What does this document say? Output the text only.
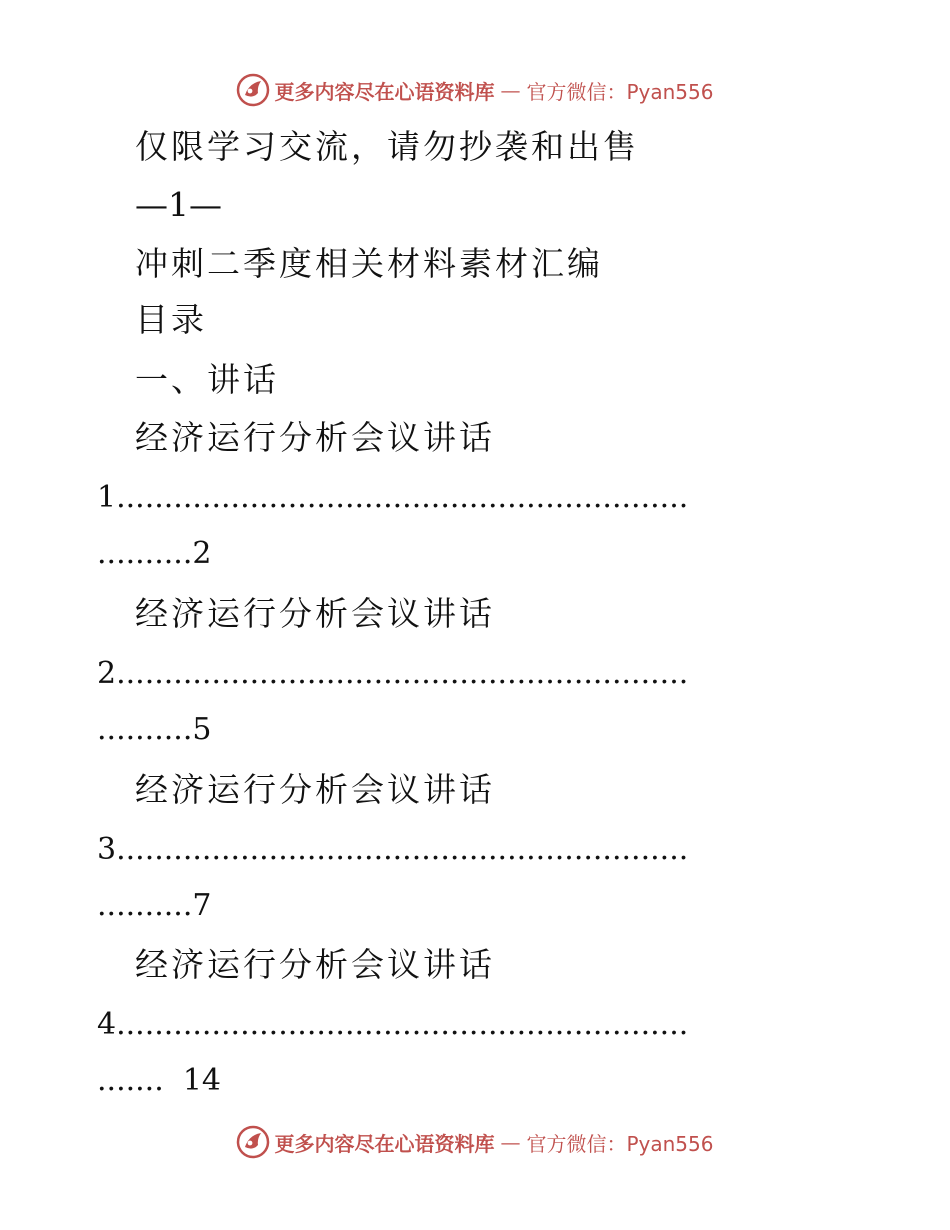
更多内容尽在心语资料库 — 官方微信：Pyan556
仅限学习交流，请勿抄袭和出售
—1—
冲刺二季度相关材料素材汇编
目录
一、讲话
经济运行分析会议讲话
1............................................................
..........2
经济运行分析会议讲话
2............................................................
..........5
经济运行分析会议讲话
3............................................................
..........7
经济运行分析会议讲话
4............................................................
....... 14
更多内容尽在心语资料库 — 官方微信：Pyan556
